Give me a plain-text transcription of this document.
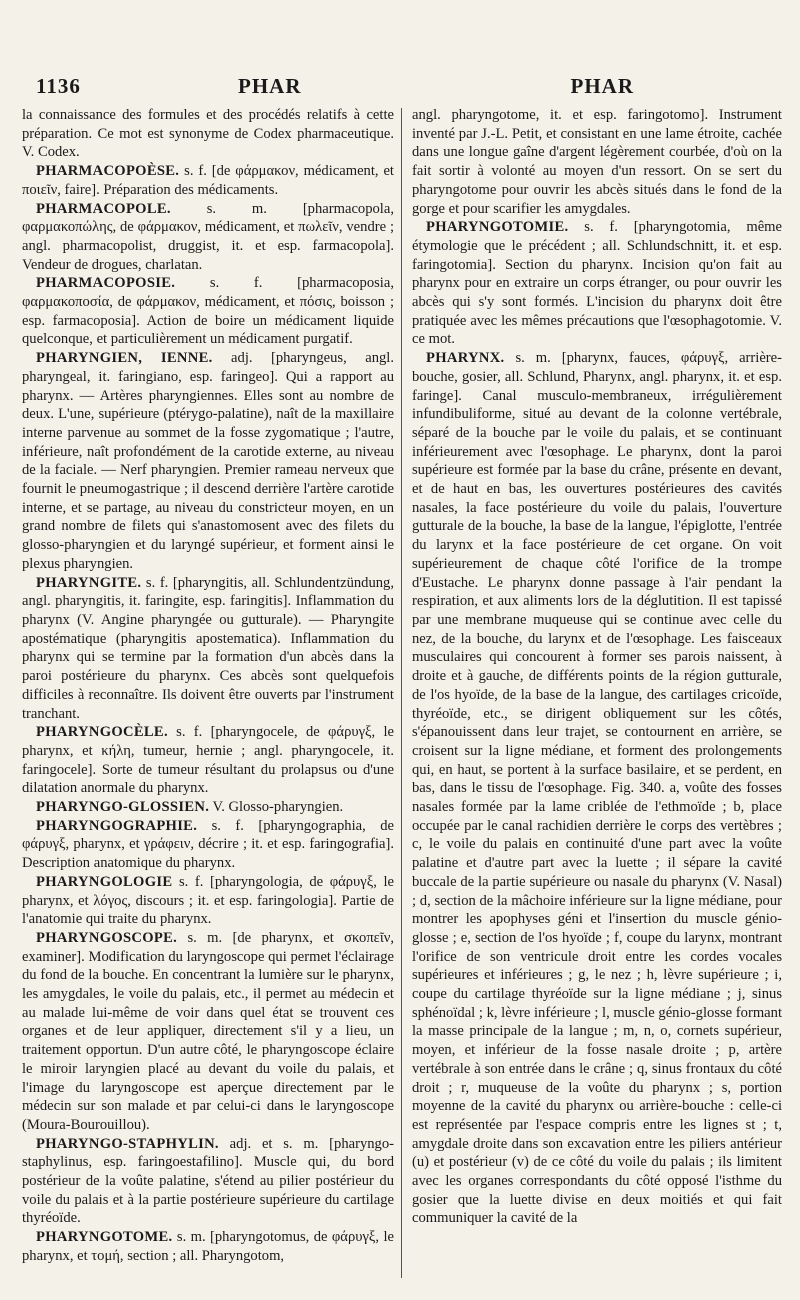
1136	PHAR	PHAR

la connaissance des formules et des procédés relatifs à cette préparation. Ce mot est synonyme de Codex pharmaceutique. V. Codex.

PHARMACOPOÈSE. s. f. [de φάρμακον, médicament, et ποιεῖν, faire]. Préparation des médicaments.

PHARMACOPOLE. s. m. [pharmacopola, φαρμακοπώλης, de φάρμακον, médicament, et πωλεῖν, vendre ; angl. pharmacopolist, druggist, it. et esp. farmacopola]. Vendeur de drogues, charlatan.

PHARMACOPOSIE. s. f. [pharmacoposia, φαρμακοποσία, de φάρμακον, médicament, et πόσις, boisson ; esp. farmacoposia]. Action de boire un médicament liquide quelconque, et particulièrement un médicament purgatif.

PHARYNGIEN, IENNE. adj. [pharyngeus, angl. pharyngeal, it. faringiano, esp. faringeo]. Qui a rapport au pharynx. — Artères pharyngiennes. Elles sont au nombre de deux. L'une, supérieure (ptérygo-palatine), naît de la maxillaire interne parvenue au sommet de la fosse zygomatique ; l'autre, inférieure, naît profondément de la carotide externe, au niveau de la faciale. — Nerf pharyngien. Premier rameau nerveux que fournit le pneumogastrique ; il descend derrière l'artère carotide interne, et se partage, au niveau du constricteur moyen, en un grand nombre de filets qui s'anastomosent avec des filets du glosso-pharyngien et du laryngé supérieur, et forment ainsi le plexus pharyngien.

PHARYNGITE. s. f. [pharyngitis, all. Schlundentzündung, angl. pharyngitis, it. faringite, esp. faringitis]. Inflammation du pharynx (V. Angine pharyngée ou gutturale). — Pharyngite apostématique (pharyngitis apostematica). Inflammation du pharynx qui se termine par la formation d'un abcès dans la paroi postérieure du pharynx. Ces abcès sont quelquefois difficiles à reconnaître. Ils doivent être ouverts par l'instrument tranchant.

PHARYNGOCÈLE. s. f. [pharyngocele, de φάρυγξ, le pharynx, et κήλη, tumeur, hernie ; angl. pharyngocele, it. faringocele]. Sorte de tumeur résultant du prolapsus ou d'une dilatation anormale du pharynx.

PHARYNGO-GLOSSIEN. V. Glosso-pharyngien.

PHARYNGOGRAPHIE. s. f. [pharyngographia, de φάρυγξ, pharynx, et γράφειν, décrire ; it. et esp. faringografia]. Description anatomique du pharynx.

PHARYNGOLOGIE s. f. [pharyngologia, de φάρυγξ, le pharynx, et λόγος, discours ; it. et esp. faringologia]. Partie de l'anatomie qui traite du pharynx.

PHARYNGOSCOPE. s. m. [de pharynx, et σκοπεῖν, examiner]. Modification du laryngoscope qui permet l'éclairage du fond de la bouche. En concentrant la lumière sur le pharynx, les amygdales, le voile du palais, etc., il permet au médecin et au malade lui-même de voir dans quel état se trouvent ces organes et de leur appliquer, directement s'il y a lieu, un traitement opportun. D'un autre côté, le pharyngoscope éclaire le miroir laryngien placé au devant du voile du palais, et l'image du laryngoscope est aperçue directement par le médecin sur son malade et par celui-ci dans le laryngoscope (Moura-Bourouillou).

PHARYNGO-STAPHYLIN. adj. et s. m. [pharyngo-staphylinus, esp. faringoestafilino]. Muscle qui, du bord postérieur de la voûte palatine, s'étend au pilier postérieur du voile du palais et à la partie postérieure supérieure du cartilage thyréoïde.

PHARYNGOTOME. s. m. [pharyngotomus, de φάρυγξ, le pharynx, et τομή, section ; all. Pharyngotom,

angl. pharyngotome, it. et esp. faringotomo]. Instrument inventé par J.-L. Petit, et consistant en une lame étroite, cachée dans une longue gaîne d'argent légèrement courbée, d'où on la fait sortir à volonté au moyen d'un ressort. On se sert du pharyngotome pour ouvrir les abcès situés dans le fond de la gorge et pour scarifier les amygdales.

PHARYNGOTOMIE. s. f. [pharyngotomia, même étymologie que le précédent ; all. Schlundschnitt, it. et esp. faringotomia]. Section du pharynx. Incision qu'on fait au pharynx pour en extraire un corps étranger, ou pour ouvrir les abcès qui s'y sont formés. L'incision du pharynx doit être pratiquée avec les mêmes précautions que l'œsophagotomie. V. ce mot.

PHARYNX. s. m. [pharynx, fauces, φάρυγξ, arrière-bouche, gosier, all. Schlund, Pharynx, angl. pharynx, it. et esp. faringe]. Canal musculo-membraneux, irrégulièrement infundibuliforme, situé au devant de la colonne vertébrale, séparé de la bouche par le voile du palais, et se continuant inférieurement avec l'œsophage. Le pharynx, dont la paroi supérieure est formée par la base du crâne, présente en devant, et de haut en bas, les ouvertures postérieures des cavités nasales, la face postérieure du voile du palais, l'ouverture gutturale de la bouche, la base de la langue, l'épiglotte, l'entrée du larynx et la face postérieure de cet organe. On voit supérieurement de chaque côté l'orifice de la trompe d'Eustache. Le pharynx donne passage à l'air pendant la respiration, et aux aliments lors de la déglutition. Il est tapissé par une membrane muqueuse qui se continue avec celle du nez, de la bouche, du larynx et de l'œsophage. Les faisceaux musculaires qui concourent à former ses parois naissent, à droite et à gauche, de différents points de la région gutturale, de l'os hyoïde, de la base de la langue, des cartilages cricoïde, thyréoïde, etc., se dirigent obliquement sur les côtés, s'épanouissent dans leur trajet, se contournent en arrière, se croisent sur la ligne médiane, et forment des prolongements qui, en haut, se portent à la surface basilaire, et se perdent, en bas, dans le tissu de l'œsophage. Fig. 340. a, voûte des fosses nasales formée par la lame criblée de l'ethmoïde ; b, place occupée par le canal rachidien derrière le corps des vertèbres ; c, le voile du palais en continuité d'une part avec la voûte palatine et d'autre part avec la luette ; il sépare la cavité buccale de la partie supérieure ou nasale du pharynx (V. Nasal) ; d, section de la mâchoire inférieure sur la ligne médiane, pour montrer les apophyses géni et l'insertion du muscle génio-glosse ; e, section de l'os hyoïde ; f, coupe du larynx, montrant l'orifice de son ventricule droit entre les cordes vocales supérieures et inférieures ; g, le nez ; h, lèvre supérieure ; i, coupe du cartilage thyréoïde sur la ligne médiane ; j, sinus sphénoïdal ; k, lèvre inférieure ; l, muscle génio-glosse formant la masse principale de la langue ; m, n, o, cornets supérieur, moyen, et inférieur de la fosse nasale droite ; p, artère vertébrale à son entrée dans le crâne ; q, sinus frontaux du côté droit ; r, muqueuse de la voûte du pharynx ; s, portion moyenne de la cavité du pharynx ou arrière-bouche : celle-ci est représentée par l'espace compris entre les lignes st ; t, amygdale droite dans son excavation entre les piliers antérieur (u) et postérieur (v) de ce côté du voile du palais ; ils limitent avec les organes correspondants du côté opposé l'isthme du gosier que la luette divise en deux moitiés et qui fait communiquer la cavité de la
